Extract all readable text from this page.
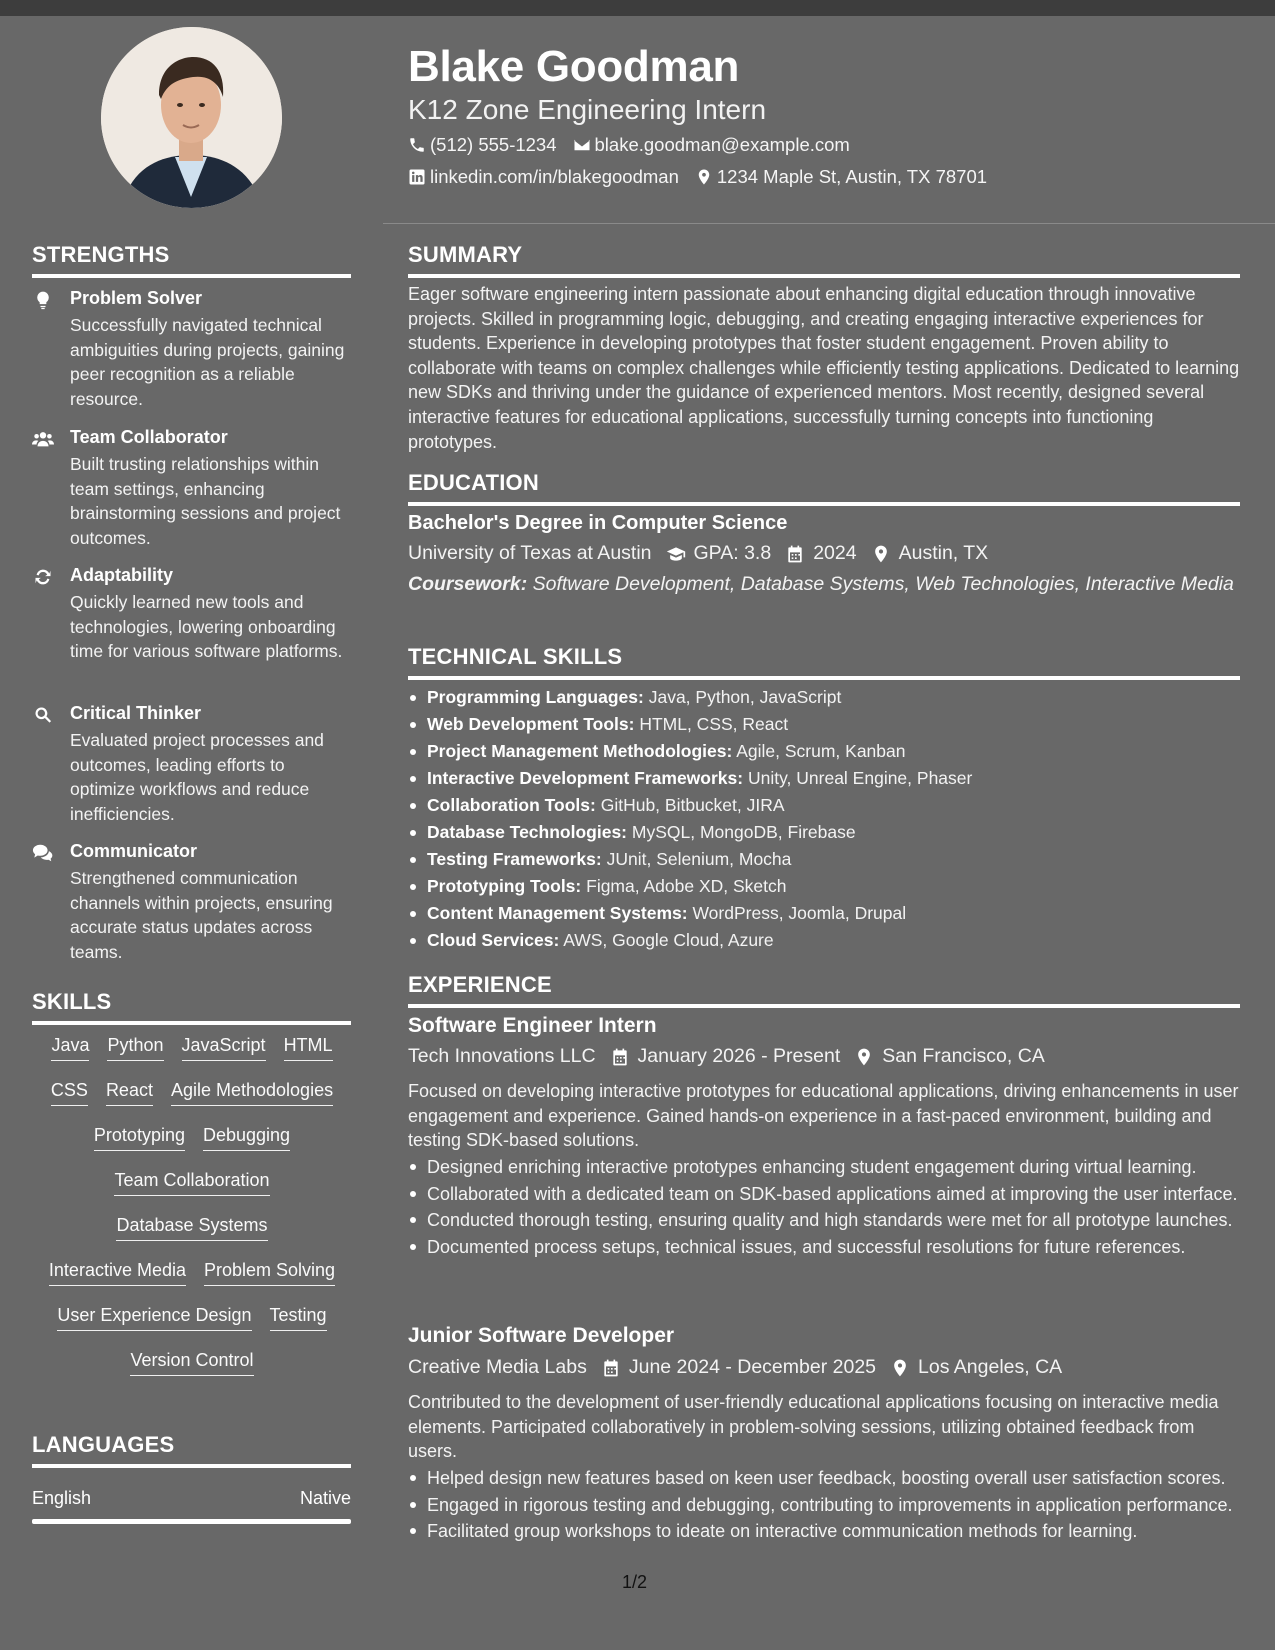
Blake Goodman
K12 Zone Engineering Intern
(512) 555-1234 blake.goodman@example.com
linkedin.com/in/blakegoodman 1234 Maple St, Austin, TX 78701
STRENGTHS
Problem Solver
Successfully navigated technical ambiguities during projects, gaining peer recognition as a reliable resource.
Team Collaborator
Built trusting relationships within team settings, enhancing brainstorming sessions and project outcomes.
Adaptability
Quickly learned new tools and technologies, lowering onboarding time for various software platforms.
Critical Thinker
Evaluated project processes and outcomes, leading efforts to optimize workflows and reduce inefficiencies.
Communicator
Strengthened communication channels within projects, ensuring accurate status updates across teams.
SKILLS
Java Python JavaScript HTML
CSS React Agile Methodologies
Prototyping Debugging
Team Collaboration
Database Systems
Interactive Media Problem Solving
User Experience Design Testing
Version Control
LANGUAGES
English	Native
SUMMARY
Eager software engineering intern passionate about enhancing digital education through innovative projects. Skilled in programming logic, debugging, and creating engaging interactive experiences for students. Experience in developing prototypes that foster student engagement. Proven ability to collaborate with teams on complex challenges while efficiently testing applications. Dedicated to learning new SDKs and thriving under the guidance of experienced mentors. Most recently, designed several interactive features for educational applications, successfully turning concepts into functioning prototypes.
EDUCATION
Bachelor's Degree in Computer Science
University of Texas at Austin GPA: 3.8 2024 Austin, TX
Coursework: Software Development, Database Systems, Web Technologies, Interactive Media
TECHNICAL SKILLS
Programming Languages: Java, Python, JavaScript
Web Development Tools: HTML, CSS, React
Project Management Methodologies: Agile, Scrum, Kanban
Interactive Development Frameworks: Unity, Unreal Engine, Phaser
Collaboration Tools: GitHub, Bitbucket, JIRA
Database Technologies: MySQL, MongoDB, Firebase
Testing Frameworks: JUnit, Selenium, Mocha
Prototyping Tools: Figma, Adobe XD, Sketch
Content Management Systems: WordPress, Joomla, Drupal
Cloud Services: AWS, Google Cloud, Azure
EXPERIENCE
Software Engineer Intern
Tech Innovations LLC January 2026 - Present San Francisco, CA
Focused on developing interactive prototypes for educational applications, driving enhancements in user engagement and experience. Gained hands-on experience in a fast-paced environment, building and testing SDK-based solutions.
Designed enriching interactive prototypes enhancing student engagement during virtual learning.
Collaborated with a dedicated team on SDK-based applications aimed at improving the user interface.
Conducted thorough testing, ensuring quality and high standards were met for all prototype launches.
Documented process setups, technical issues, and successful resolutions for future references.
Junior Software Developer
Creative Media Labs June 2024 - December 2025 Los Angeles, CA
Contributed to the development of user-friendly educational applications focusing on interactive media elements. Participated collaboratively in problem-solving sessions, utilizing obtained feedback from users.
Helped design new features based on keen user feedback, boosting overall user satisfaction scores.
Engaged in rigorous testing and debugging, contributing to improvements in application performance.
Facilitated group workshops to ideate on interactive communication methods for learning.
1/2
